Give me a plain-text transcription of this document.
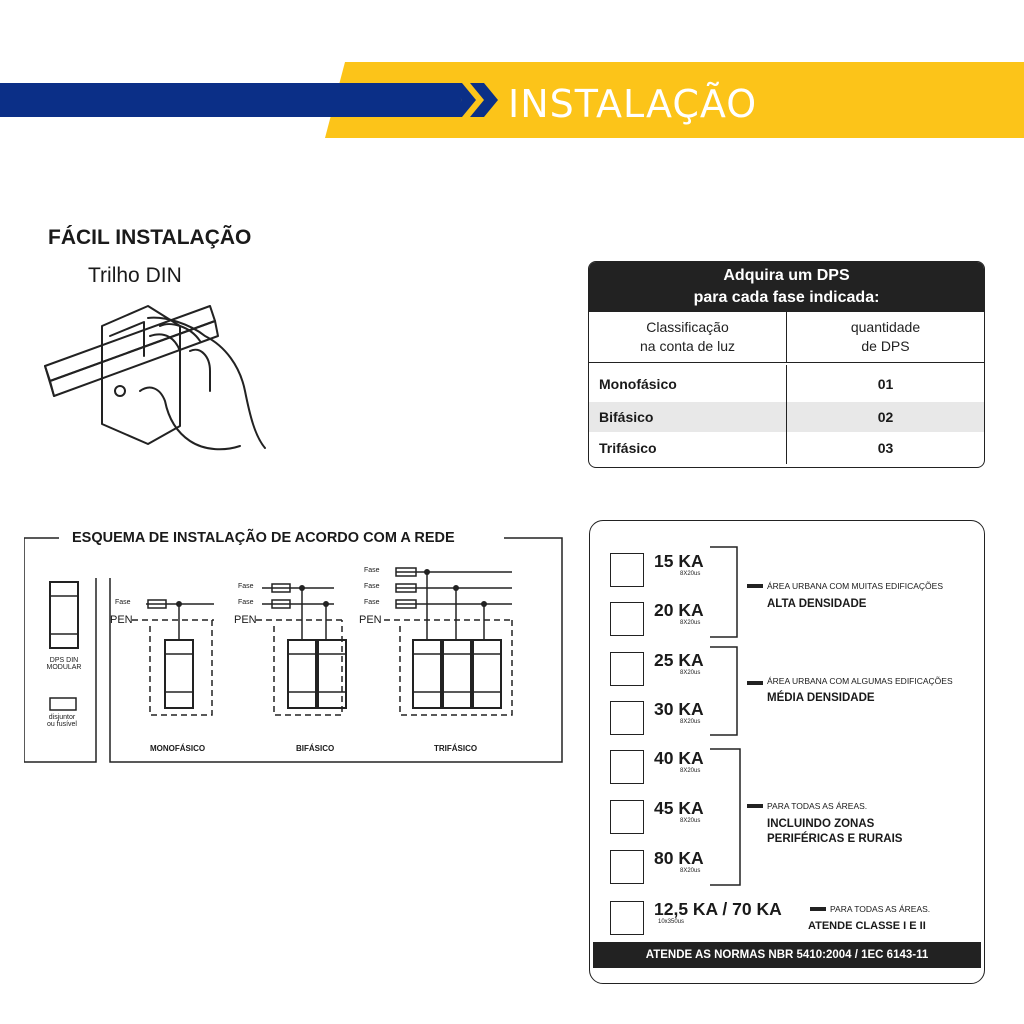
INSTALAÇÃO
FÁCIL INSTALAÇÃO
Trilho DIN	Adquira um DPS
para cada fase indicada:
Classificação
na conta de luz
quantidade
de DPS
Monofásico	01
Bifásico	02
Trifásico	03
ESQUEMA DE INSTALAÇÃO DE ACORDO COM A REDE
DPS DIN
MODULAR
disjuntor
ou fusível
Fase
PEN
Fase
Fase
PEN
Fase
Fase
Fase
PEN
MONOFÁSICO	BIFÁSICO	TRIFÁSICO
15 KA
8X20us
20 KA
8X20us
25 KA
8X20us
30 KA
8X20us
40 KA
8X20us
45 KA
8X20us
80 KA
8X20us
12,5 KA / 70 KA
10x350us
ÁREA URBANA COM MUITAS EDIFICAÇÕES
ALTA DENSIDADE
ÁREA URBANA COM ALGUMAS EDIFICAÇÕES
MÉDIA DENSIDADE
PARA TODAS AS ÁREAS.
INCLUINDO ZONAS
PERIFÉRICAS E RURAIS
PARA TODAS AS ÁREAS.
ATENDE CLASSE I E II
ATENDE AS NORMAS NBR 5410:2004 / 1EC 6143-11
